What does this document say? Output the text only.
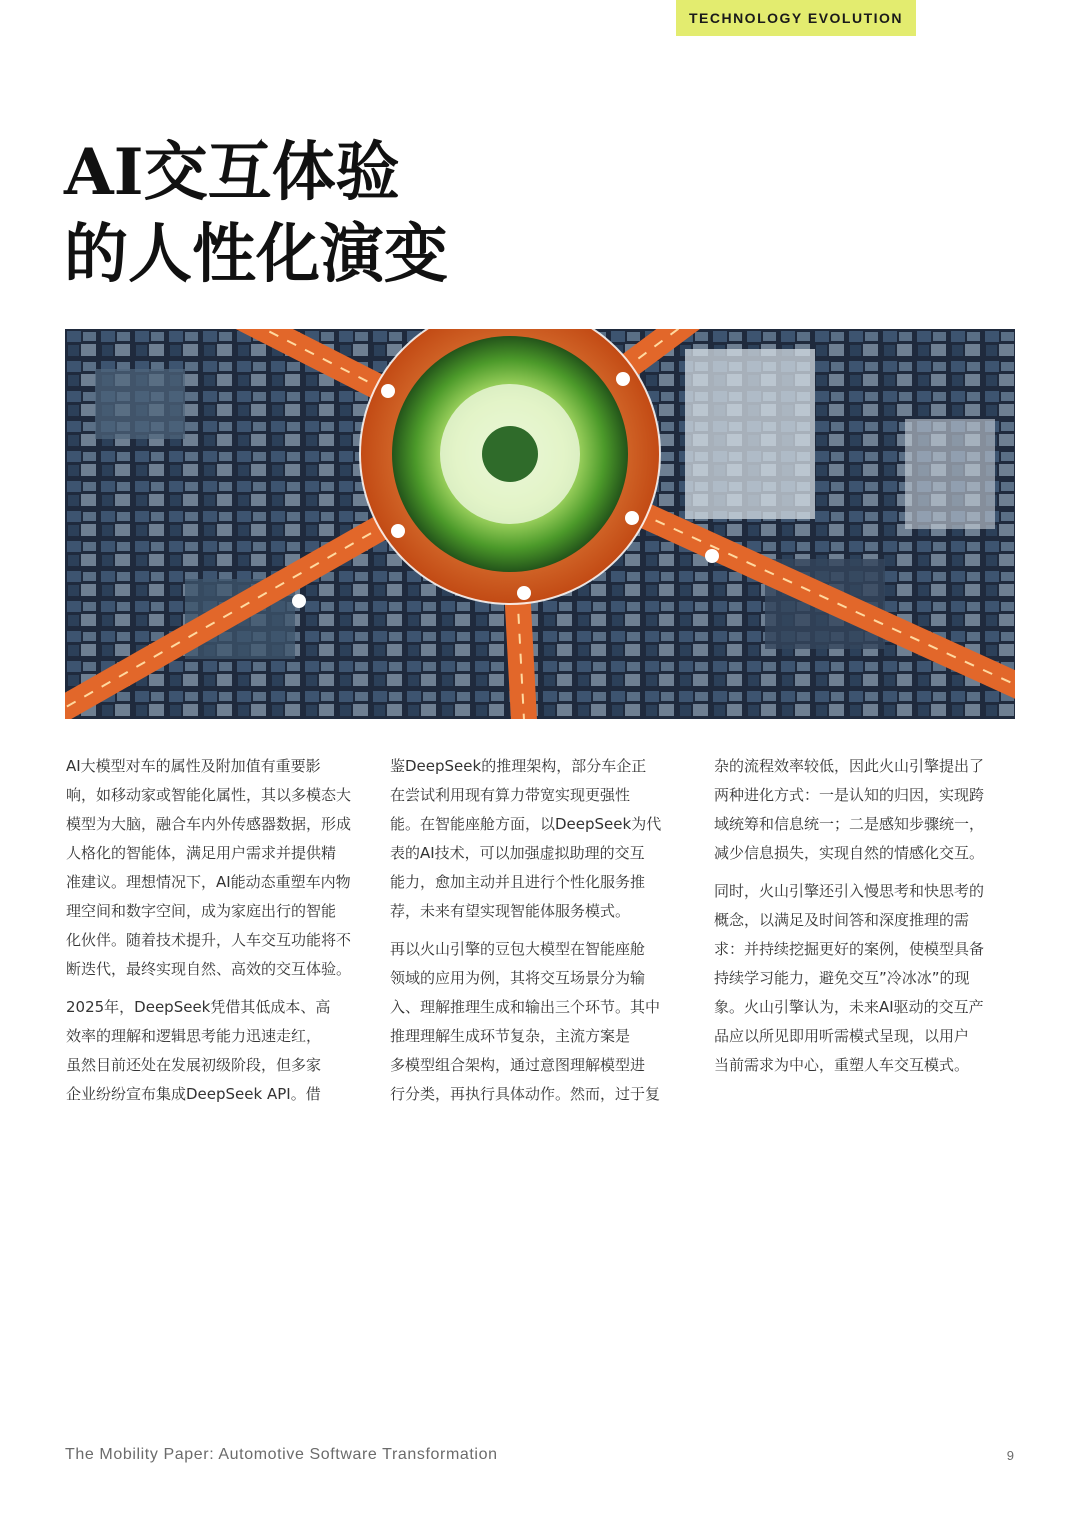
TECHNOLOGY EVOLUTION
AI交互体验
的人性化演变

AI大模型对车的属性及附加值有重要影
响，如移动家或智能化属性，其以多模态大
模型为大脑，融合车内外传感器数据，形成
人格化的智能体，满足用户需求并提供精
准建议。理想情况下，AI能动态重塑车内物
理空间和数字空间，成为家庭出行的智能
化伙伴。随着技术提升，人车交互功能将不
断迭代，最终实现自然、高效的交互体验。

2025年，DeepSeek凭借其低成本、高
效率的理解和逻辑思考能力迅速走红，
虽然目前还处在发展初级阶段，但多家
企业纷纷宣布集成DeepSeek API。借

鉴DeepSeek的推理架构，部分车企正
在尝试利用现有算力带宽实现更强性
能。在智能座舱方面，以DeepSeek为代
表的AI技术，可以加强虚拟助理的交互
能力，愈加主动并且进行个性化服务推
荐，未来有望实现智能体服务模式。

再以火山引擎的豆包大模型在智能座舱
领域的应用为例，其将交互场景分为输
入、理解推理生成和输出三个环节。其中
推理理解生成环节复杂，主流方案是
多模型组合架构，通过意图理解模型进
行分类，再执行具体动作。然而，过于复

杂的流程效率较低，因此火山引擎提出了
两种进化方式：一是认知的归因，实现跨
域统筹和信息统一；二是感知步骤统一，
减少信息损失，实现自然的情感化交互。

同时，火山引擎还引入慢思考和快思考的
概念，以满足及时间答和深度推理的需
求：并持续挖掘更好的案例，使模型具备
持续学习能力，避免交互”冷冰冰”的现
象。火山引擎认为，未来AI驱动的交互产
品应以所见即用听需模式呈现，以用户
当前需求为中心，重塑人车交互模式。

The Mobility Paper: Automotive Software Transformation	9
